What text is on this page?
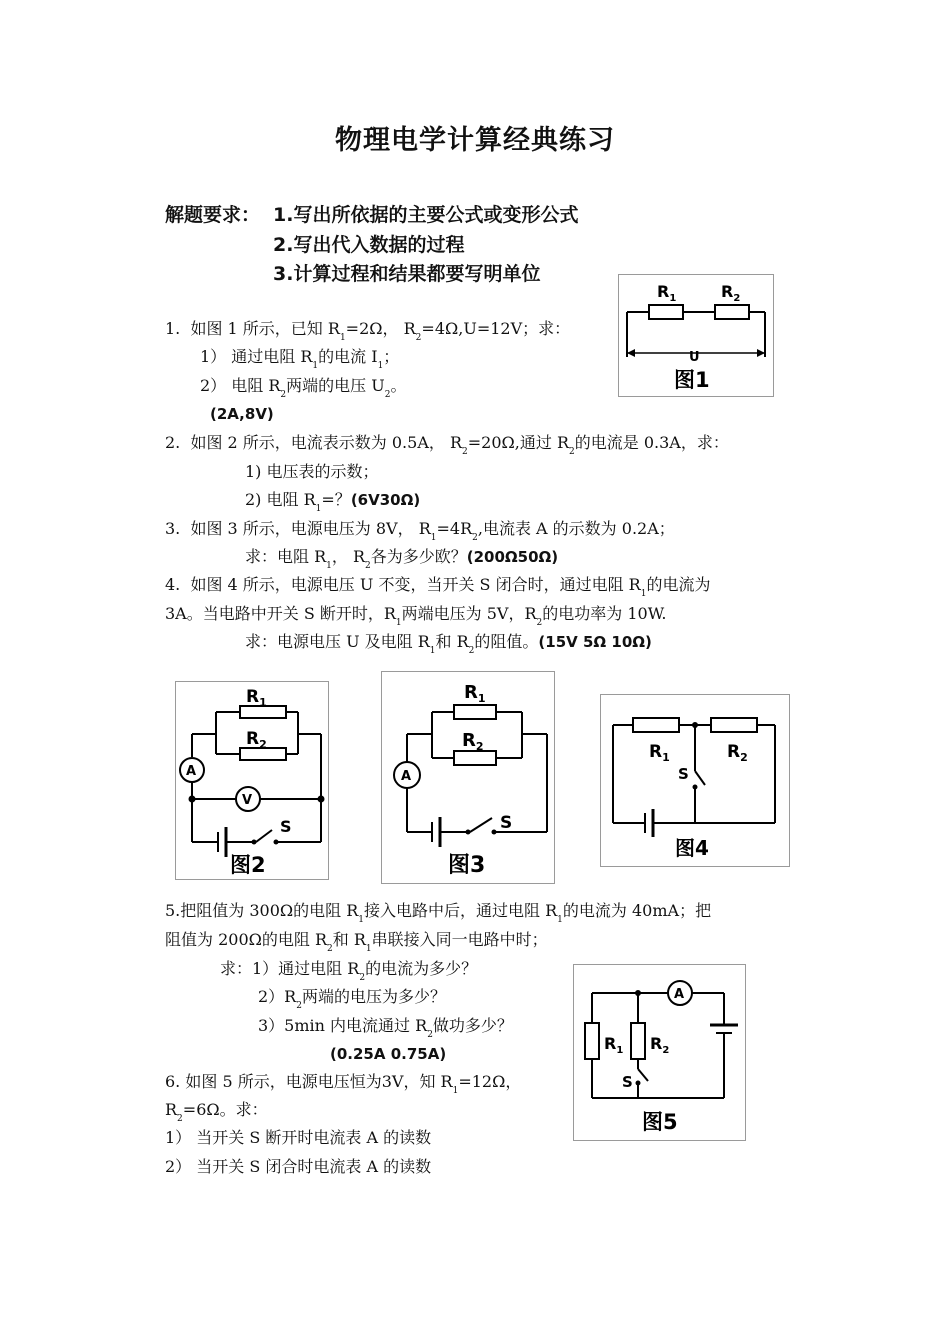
物理电学计算经典练习
解题要求： 1.写出所依据的主要公式或变形公式
2.写出代入数据的过程
3.计算过程和结果都要写明单位
1. 如图 1 所示，已知 $R_1=2\Omega$， $R_2=4\Omega,U=12V$；求：
1） 通过电阻 $R_1$的电流 $I_1$；
2） 电阻 $R_2$两端的电压 $U_2$。
(2A,8V)
2. 如图 2 所示，电流表示数为 0.5A， $R_2=20\Omega$,通过 $R_2$的电流是 0.3A，求：
1) 电压表的示数；
2) 电阻 $R_1=$？(6V30Ω)
3. 如图 3 所示，电源电压为 8V， $R_1=4R_2$,电流表 A 的示数为 0.2A；
求：电阻 $R_1$， $R_2$各为多少欧？(200Ω50Ω)
4. 如图 4 所示，电源电压 U 不变，当开关 S 闭合时，通过电阻 $R_1$的电流为
3A。当电路中开关 S 断开时，$R_1$两端电压为 5V，$R_2$的电功率为 10W.
求：电源电压 U 及电阻 $R_1$和 $R_2$的阻值。(15V 5Ω 10Ω)
$R_1$	$R_2$
U
图1
$R_1$
$R_2$
A
V
S
图2
$R_1$
$R_2$
A
S
图3
$R_1$	$R_2$
S
图4
$R_1$ $R_2$
A
S
图5
5.把阻值为 300Ω的电阻 $R_1$接入电路中后，通过电阻 $R_1$的电流为 40mA；把
阻值为 200Ω的电阻 $R_2$和 $R_1$串联接入同一电路中时；
求：1）通过电阻 $R_2$的电流为多少？
$2)R_2$两端的电压为多少？
3）5min 内电流通过 $R_2$做功多少？
(0.25A 0.75A)
6. 如图 5 所示，电源电压恒为3V，知 $R_1=12\Omega$，
$R_2=6\Omega$。求：
1） 当开关 S 断开时电流表 A 的读数
2） 当开关 S 闭合时电流表 A 的读数
